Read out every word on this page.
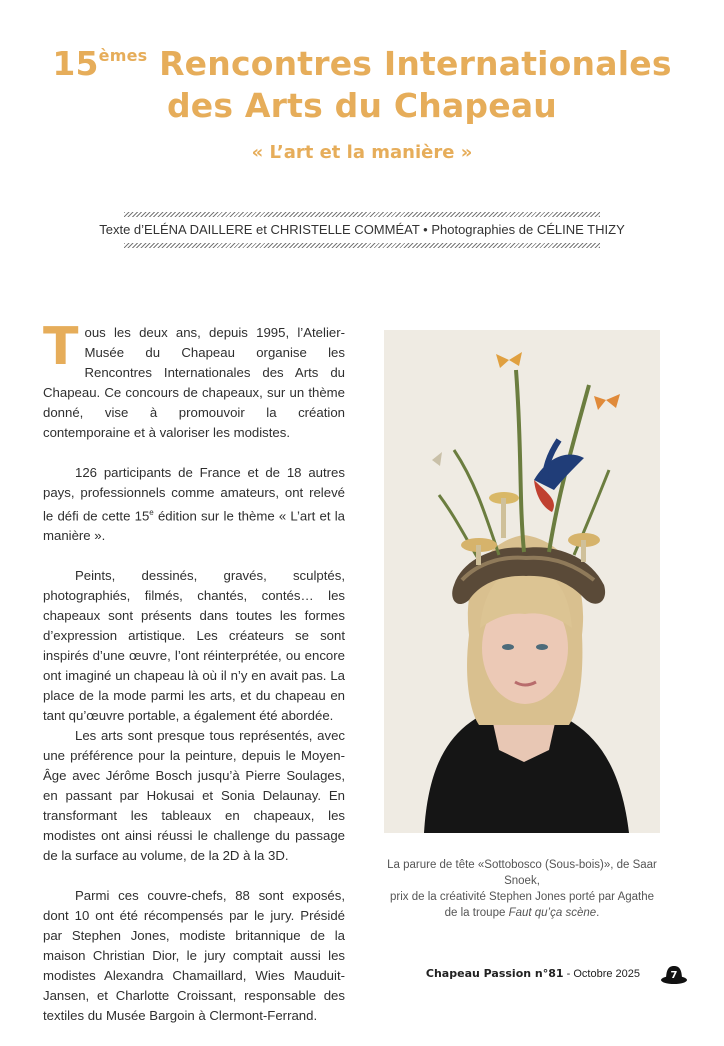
15èmes Rencontres Internationales
des Arts du Chapeau
« L’art et la manière »
Texte d’ELÉNA DAILLERE et CHRISTELLE COMMÉAT • Photographies de CÉLINE THIZY

Tous les deux ans, depuis 1995, l’Atelier-Musée du Chapeau organise les Rencontres Internationales des Arts du Chapeau. Ce concours de chapeaux, sur un thème donné, vise à promouvoir la création contemporaine et à valoriser les modistes.

126 participants de France et de 18 autres pays, professionnels comme amateurs, ont relevé le défi de cette 15e édition sur le thème « L’art et la manière ».

Peints, dessinés, gravés, sculptés, photographiés, filmés, chantés, contés… les chapeaux sont présents dans toutes les formes d’expression artistique. Les créateurs se sont inspirés d’une œuvre, l’ont réinterprétée, ou encore ont imaginé un chapeau là où il n’y en avait pas. La place de la mode parmi les arts, et du chapeau en tant qu’œuvre portable, a également été abordée.

Les arts sont presque tous représentés, avec une préférence pour la peinture, depuis le Moyen-Âge avec Jérôme Bosch jusqu’à Pierre Soulages, en passant par Hokusai et Sonia Delaunay. En transformant les tableaux en chapeaux, les modistes ont ainsi réussi le challenge du passage de la surface au volume, de la 2D à la 3D.

Parmi ces couvre-chefs, 88 sont exposés, dont 10 ont été récompensés par le jury. Présidé par Stephen Jones, modiste britannique de la maison Christian Dior, le jury comptait aussi les modistes Alexandra Chamaillard, Wies Mauduit-Jansen, et Charlotte Croissant, responsable des textiles du Musée Bargoin à Clermont-Ferrand.

La parure de tête «Sottobosco (Sous-bois)», de Saar Snoek,
prix de la créativité Stephen Jones porté par Agathe
de la troupe Faut qu’ça scène.
Chapeau Passion n°81 - Octobre 2025	7
